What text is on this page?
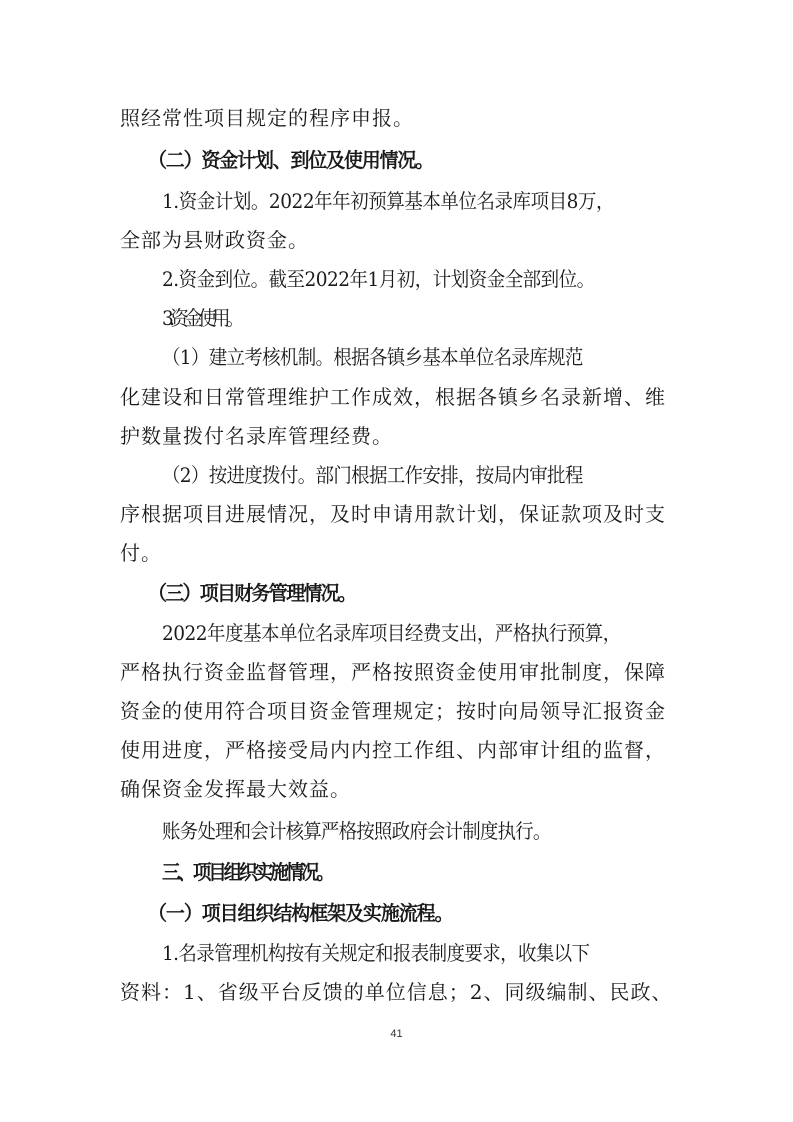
照经常性项目规定的程序申报。
（二）资金计划、到位及使用情况。
1.资金计划。2022年年初预算基本单位名录库项目8万，
全部为县财政资金。
2.资金到位。截至2022年1月初，计划资金全部到位。
3.资金使用。
（1）建立考核机制。根据各镇乡基本单位名录库规范
化建设和日常管理维护工作成效，根据各镇乡名录新增、维
护数量拨付名录库管理经费。
（2）按进度拨付。部门根据工作安排，按局内审批程
序根据项目进展情况，及时申请用款计划，保证款项及时支
付。
（三）项目财务管理情况。
2022年度基本单位名录库项目经费支出，严格执行预算，
严格执行资金监督管理，严格按照资金使用审批制度，保障
资金的使用符合项目资金管理规定；按时向局领导汇报资金
使用进度，严格接受局内内控工作组、内部审计组的监督，
确保资金发挥最大效益。
账务处理和会计核算严格按照政府会计制度执行。
三、项目组织实施情况。
（一）项目组织结构框架及实施流程。
1.名录管理机构按有关规定和报表制度要求，收集以下
资料：1、省级平台反馈的单位信息；2、同级编制、民政、
41
